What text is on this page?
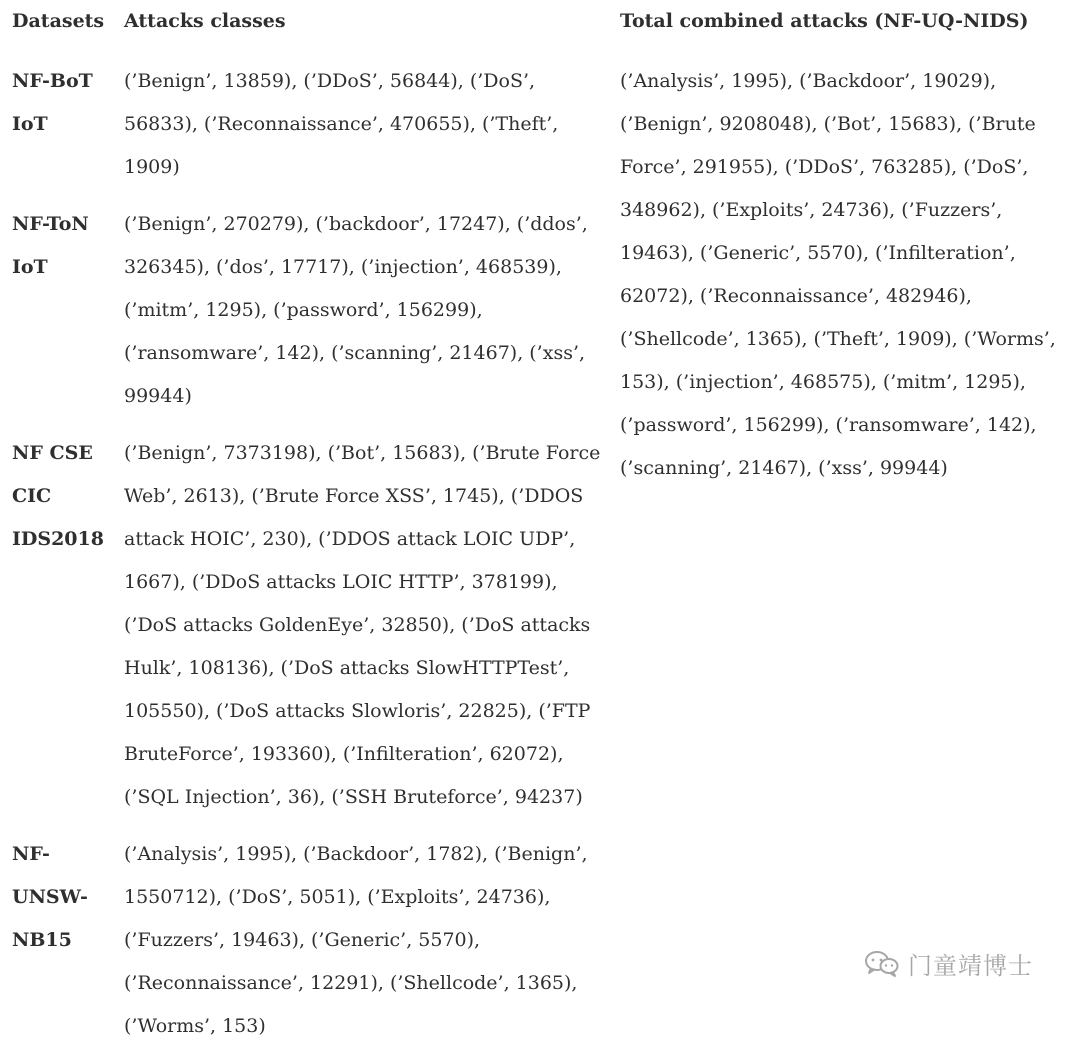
Datasets Attacks classes	Total combined attacks (NF-UQ-NIDS)
NF-BoT
IoT
(’Benign’, 13859), (’DDoS’, 56844), (’DoS’, 56833), (’Reconnaissance’, 470655), (’Theft’, 1909)
NF-ToN
IoT
(’Benign’, 270279), (’backdoor’, 17247), (’ddos’, 326345), (’dos’, 17717), (’injection’, 468539), (’mitm’, 1295), (’password’, 156299), (’ransomware’, 142), (’scanning’, 21467), (’xss’, 99944)
NF CSE
CIC
IDS2018
(’Benign’, 7373198), (’Bot’, 15683), (’Brute Force Web’, 2613), (’Brute Force XSS’, 1745), (’DDOS attack HOIC’, 230), (’DDOS attack LOIC UDP’, 1667), (’DDoS attacks LOIC HTTP’, 378199), (’DoS attacks GoldenEye’, 32850), (’DoS attacks Hulk’, 108136), (’DoS attacks SlowHTTPTest’, 105550), (’DoS attacks Slowloris’, 22825), (’FTP BruteForce’, 193360), (’Infilteration’, 62072), (’SQL Injection’, 36), (’SSH Bruteforce’, 94237)
NF-
UNSW-
NB15
(’Analysis’, 1995), (’Backdoor’, 1782), (’Benign’, 1550712), (’DoS’, 5051), (’Exploits’, 24736), (’Fuzzers’, 19463), (’Generic’, 5570), (’Reconnaissance’, 12291), (’Shellcode’, 1365), (’Worms’, 153)
(’Analysis’, 1995), (’Backdoor’, 19029), (’Benign’, 9208048), (’Bot’, 15683), (’Brute Force’, 291955), (’DDoS’, 763285), (’DoS’, 348962), (’Exploits’, 24736), (’Fuzzers’, 19463), (’Generic’, 5570), (’Infilteration’, 62072), (’Reconnaissance’, 482946), (’Shellcode’, 1365), (’Theft’, 1909), (’Worms’, 153), (’injection’, 468575), (’mitm’, 1295), (’password’, 156299), (’ransomware’, 142), (’scanning’, 21467), (’xss’, 99944)
门童靖博士
